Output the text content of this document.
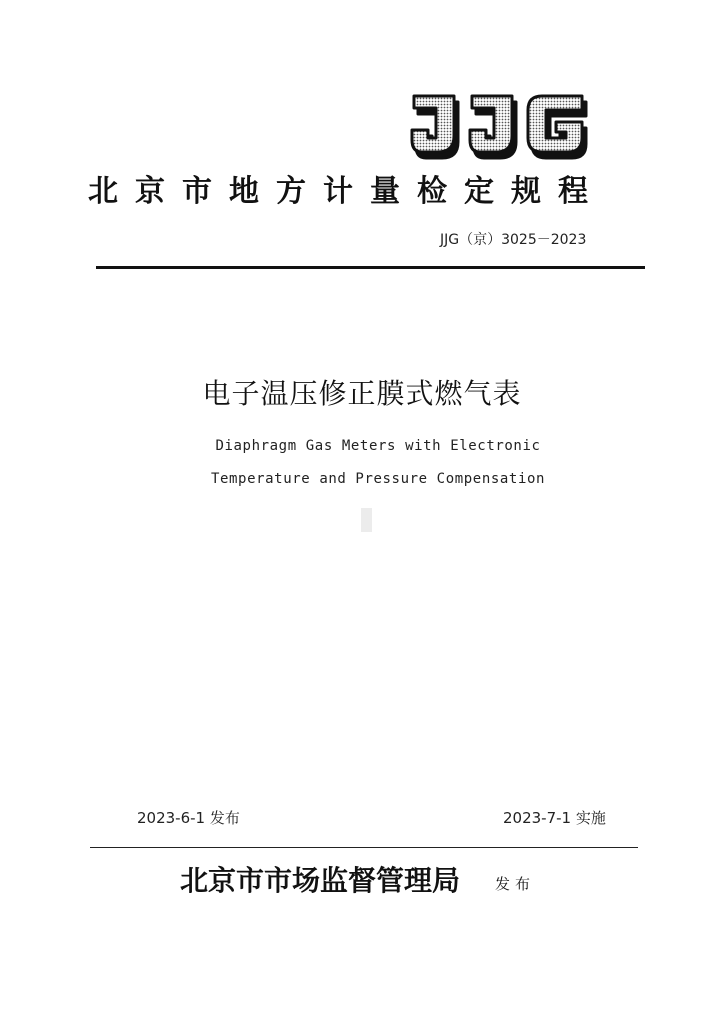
北京市地方计量检定规程
JJG（京）3025－2023
电子温压修正膜式燃气表
Diaphragm Gas Meters with Electronic
Temperature and Pressure Compensation
2023-6-1 发布	2023-7-1 实施
北京市市场监督管理局 发布
